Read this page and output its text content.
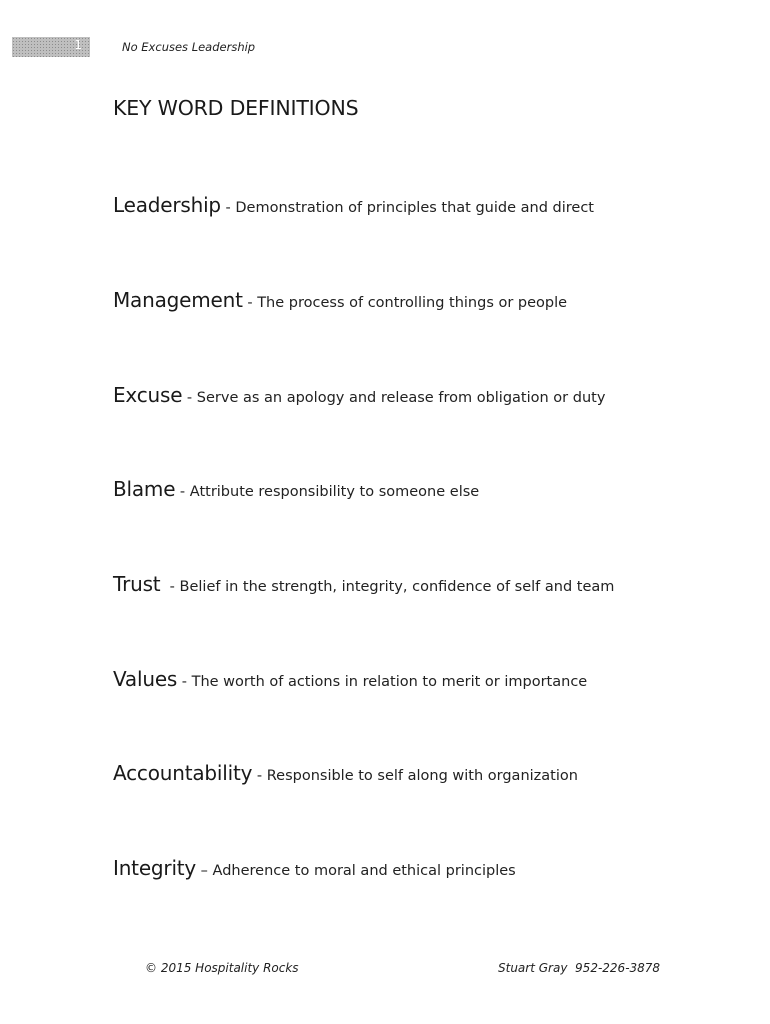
1	No Excuses Leadership
KEY WORD DEFINITIONS

Leadership - Demonstration of principles that guide and direct

Management - The process of controlling things or people

Excuse - Serve as an apology and release from obligation or duty

Blame - Attribute responsibility to someone else

Trust  - Belief in the strength, integrity, confidence of self and team

Values - The worth of actions in relation to merit or importance

Accountability - Responsible to self along with organization

Integrity – Adherence to moral and ethical principles

© 2015 Hospitality Rocks	Stuart Gray  952-226-3878
